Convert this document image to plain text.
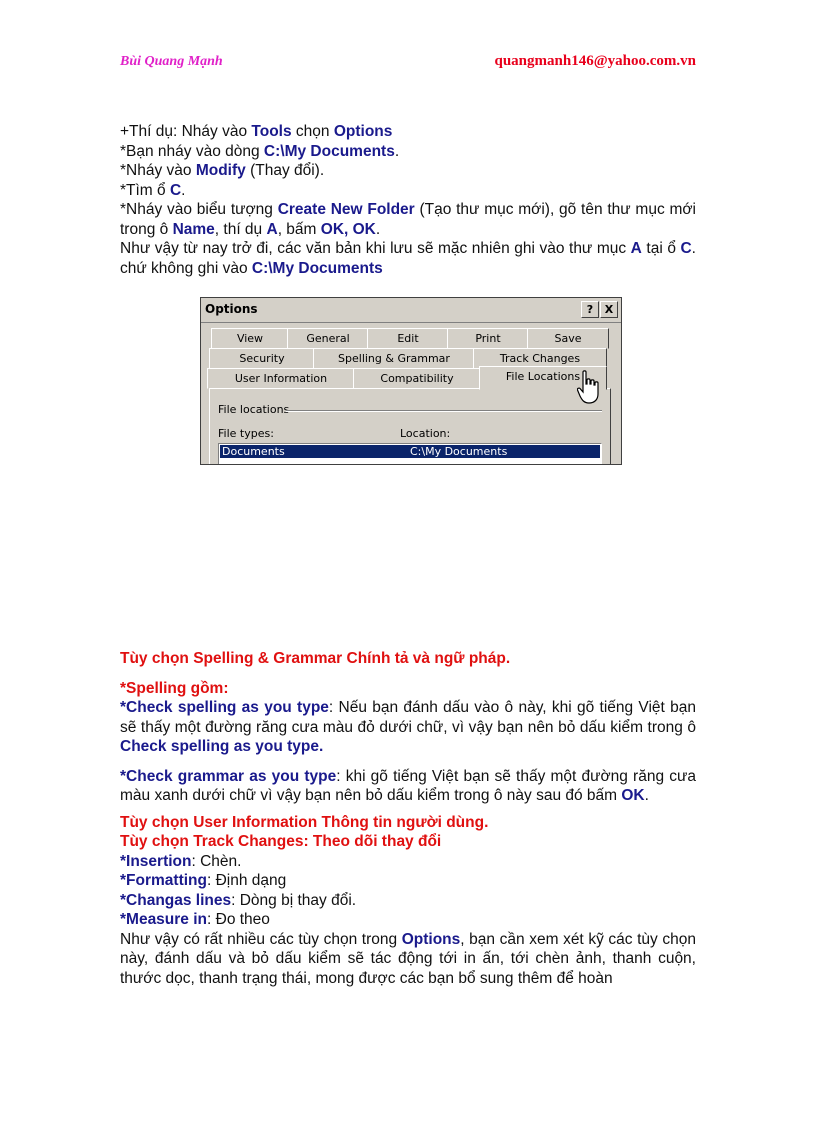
Bùi Quang Mạnh	quangmanh146@yahoo.com.vn

+Thí dụ: Nháy vào Tools chọn Options

*Bạn nháy vào dòng C:\My Documents.

*Nháy vào Modify (Thay đổi).

*Tìm ổ C.

*Nháy vào biểu tượng Create New Folder (Tạo thư mục mới), gõ tên thư mục mới trong ô Name, thí dụ A, bấm OK, OK.

Như vậy từ nay trở đi, các văn bản khi lưu sẽ mặc nhiên ghi vào thư mục A tại ổ C. chứ không ghi vào C:\My Documents

Options	?	X
View	General	Edit	Print	Save
Security	Spelling & Grammar	Track Changes
User Information	Compatibility	File Locations
File locations
File types:	Location:
Documents	C:\My Documents

Tùy chọn Spelling & Grammar Chính tả và ngữ pháp.

*Spelling gồm:

*Check spelling as you type: Nếu bạn đánh dấu vào ô này, khi gõ tiếng Việt bạn sẽ thấy một đường răng cưa màu đỏ dưới chữ, vì vậy bạn nên bỏ dấu kiểm trong ô Check spelling as you type.

*Check grammar as you type: khi gõ tiếng Việt bạn sẽ thấy một đường răng cưa màu xanh dưới chữ vì vậy bạn nên bỏ dấu kiểm trong ô này sau đó bấm OK.

Tùy chọn User Information Thông tin người dùng.

Tùy chọn Track Changes: Theo dõi thay đổi

*Insertion: Chèn.

*Formatting: Định dạng

*Changas lines: Dòng bị thay đổi.

*Measure in: Đo theo

Như vậy có rất nhiều các tùy chọn trong Options, bạn cần xem xét kỹ các tùy chọn này, đánh dấu và bỏ dấu kiểm sẽ tác động tới in ấn, tới chèn ảnh, thanh cuộn, thước dọc, thanh trạng thái, mong được các bạn bổ sung thêm để hoàn
